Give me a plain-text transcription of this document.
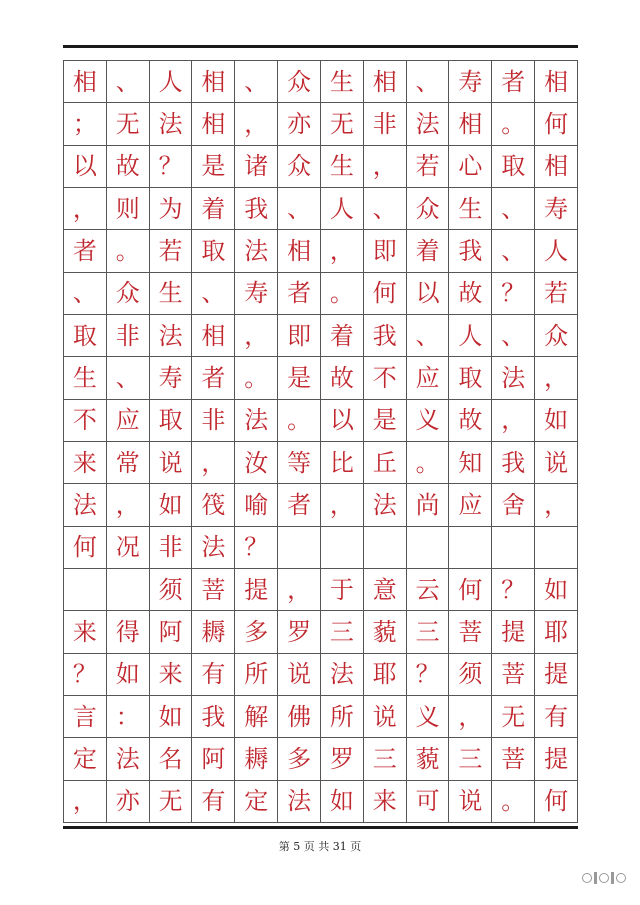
相 、 人 相 、 众 生 相 、 寿 者 相
； 无 法 相 ， 亦 无 非 法 相 。 何
以 故 ？ 是 诸 众 生 ， 若 心 取 相
， 则 为 着 我 、 人 、 众 生 、 寿
者 。 若 取 法 相 ， 即 着 我 、 人
、 众 生 、 寿 者 。 何 以 故 ？ 若
取 非 法 相 ， 即 着 我 、 人 、 众
生 、 寿 者 。 是 故 不 应 取 法 ，
不 应 取 非 法 。 以 是 义 故 ， 如
来 常 说 ， 汝 等 比 丘 。 知 我 说
法 ， 如 筏 喻 者 ， 法 尚 应 舍 ，
何 况 非 法 ？
须 菩 提 ， 于 意 云 何 ？ 如
来 得 阿 耨 多 罗 三 藐 三 菩 提 耶
？ 如 来 有 所 说 法 耶 ？ 须 菩 提
言 ： 如 我 解 佛 所 说 义 ， 无 有
定 法 名 阿 耨 多 罗 三 藐 三 菩 提
， 亦 无 有 定 法 如 来 可 说 。 何
第 5 页 共 31 页
